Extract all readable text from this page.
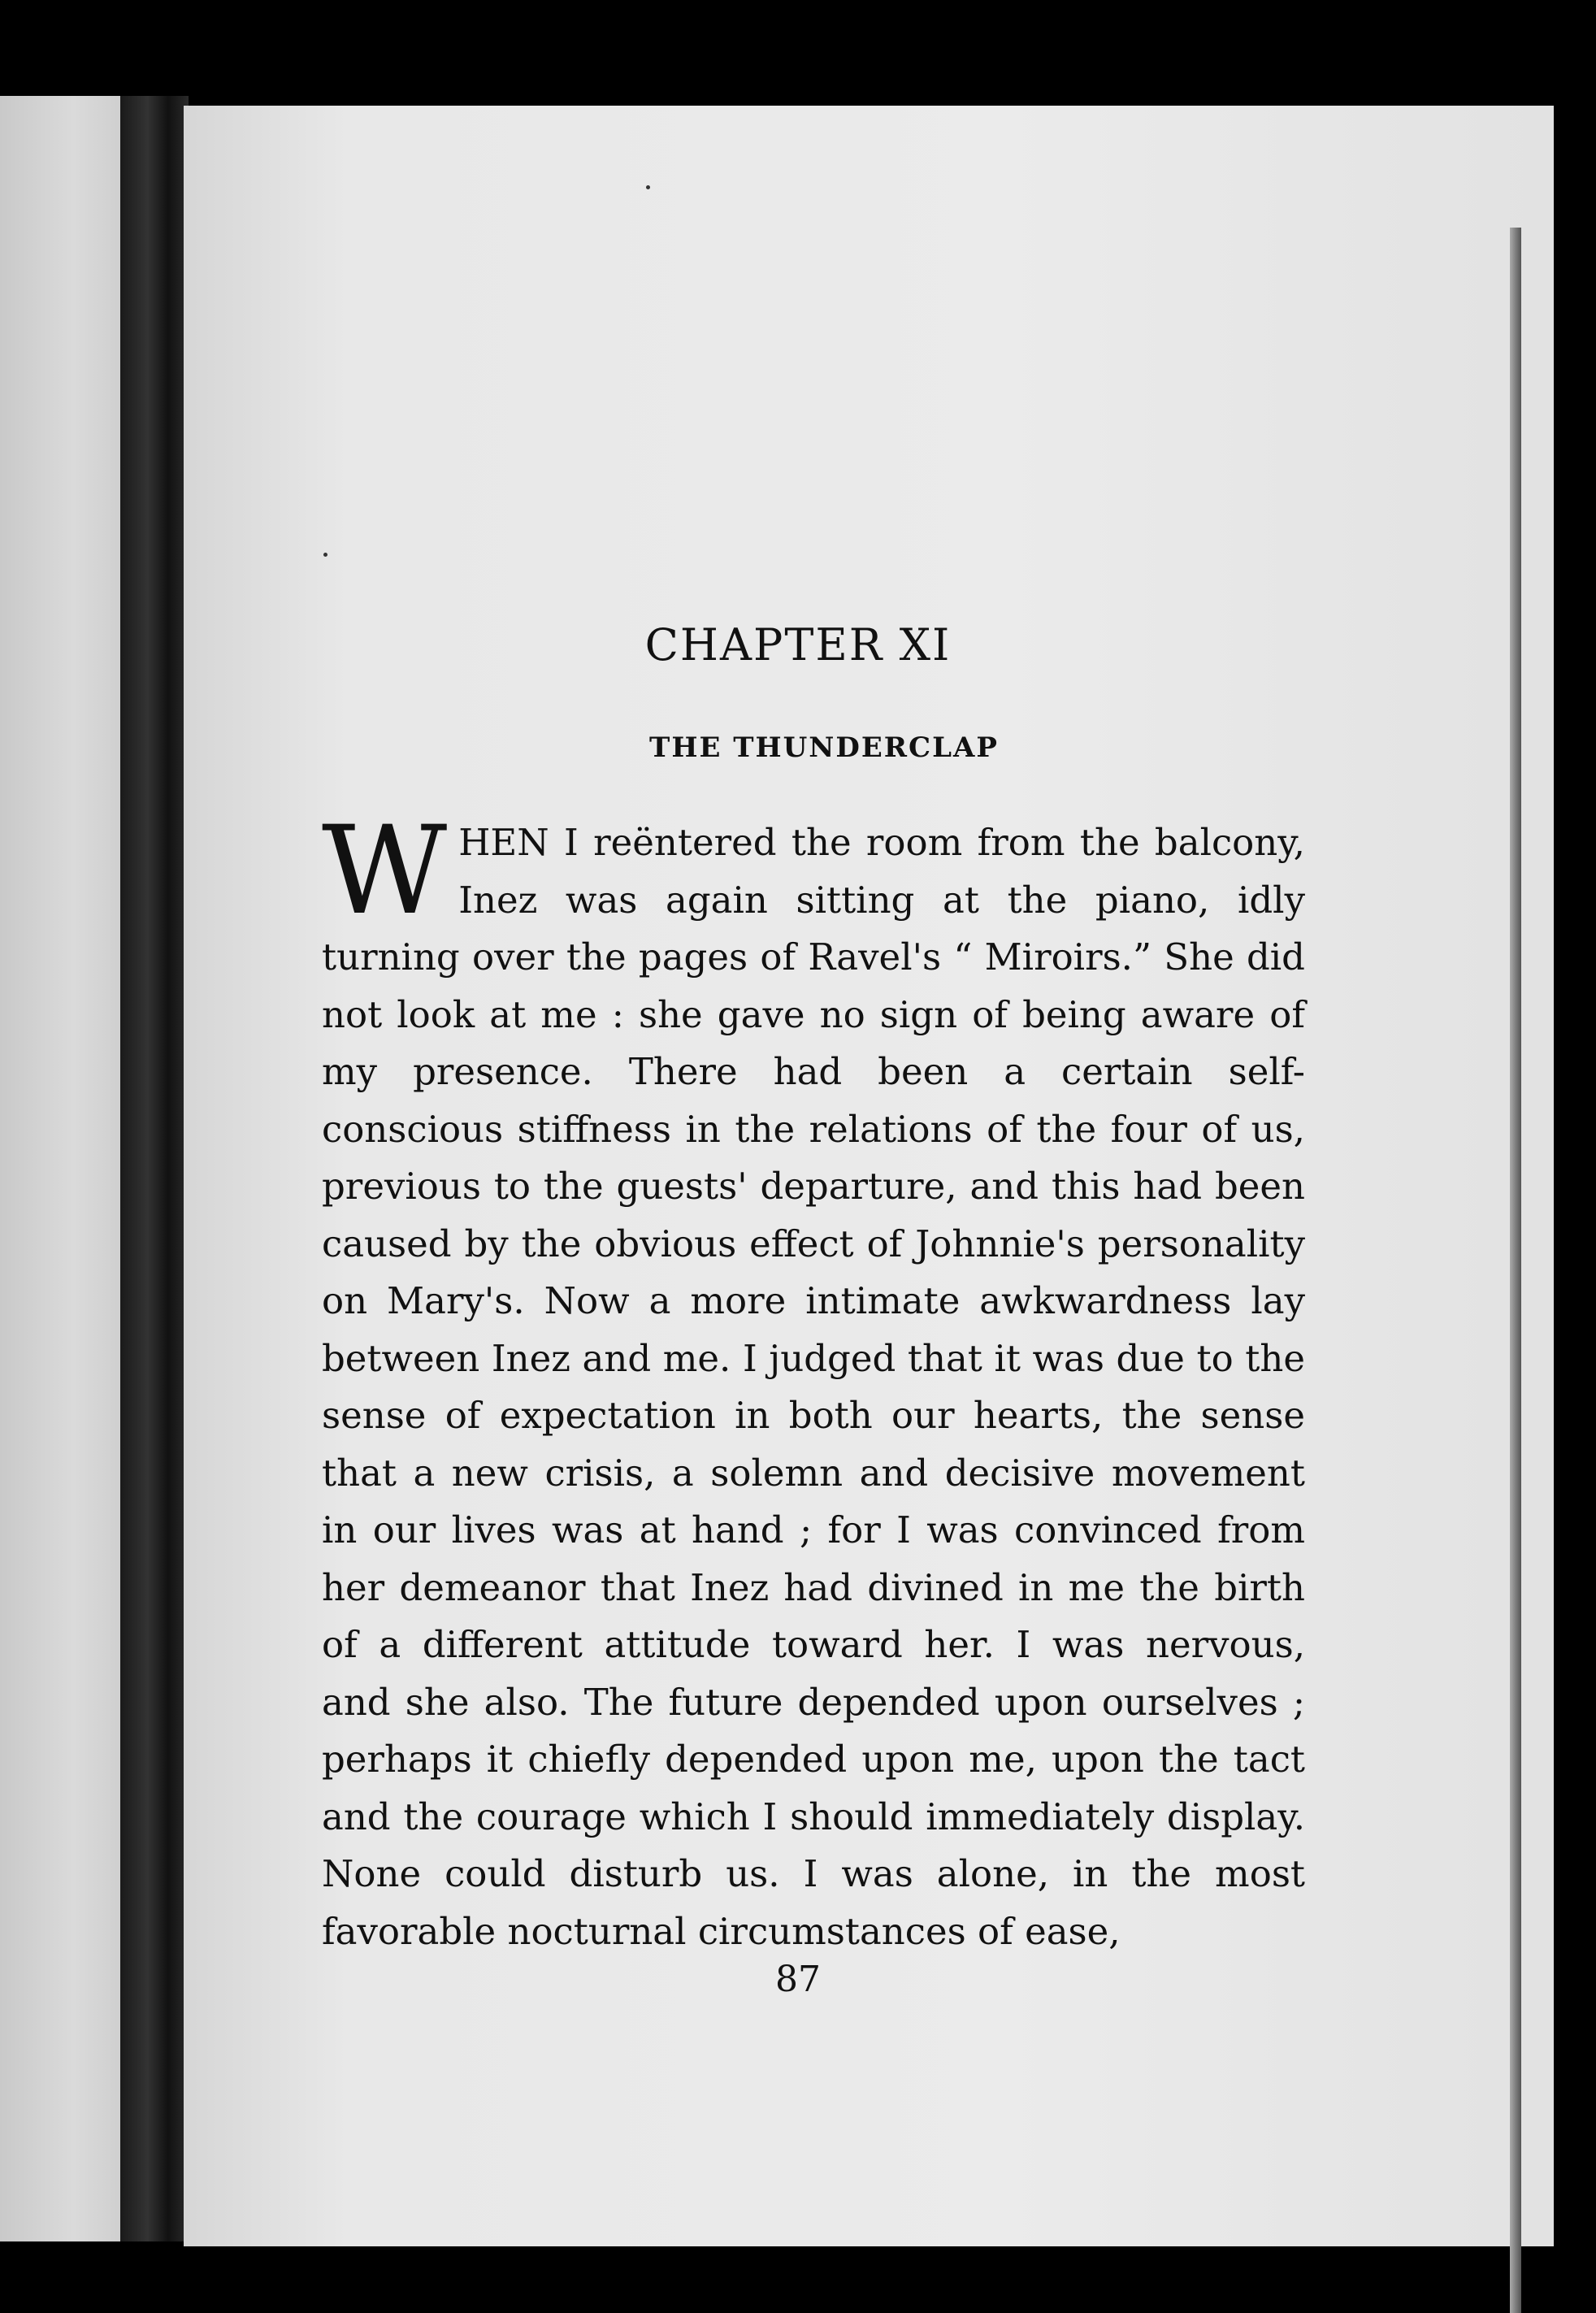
CHAPTER XI
THE THUNDERCLAP

WHEN I reëntered the room from the balcony, Inez was again sitting at the piano, idly turning over the pages of Ravel's “ Miroirs.” She did not look at me : she gave no sign of being aware of my presence. There had been a certain self-conscious stiffness in the relations of the four of us, previous to the guests' departure, and this had been caused by the obvious effect of Johnnie's personality on Mary's. Now a more intimate awkwardness lay between Inez and me. I judged that it was due to the sense of expectation in both our hearts, the sense that a new crisis, a solemn and decisive movement in our lives was at hand ; for I was convinced from her demeanor that Inez had divined in me the birth of a different attitude toward her. I was nervous, and she also. The future depended upon ourselves ; perhaps it chiefly depended upon me, upon the tact and the courage which I should immediately display. None could disturb us. I was alone, in the most favorable nocturnal circumstances of ease,

87
